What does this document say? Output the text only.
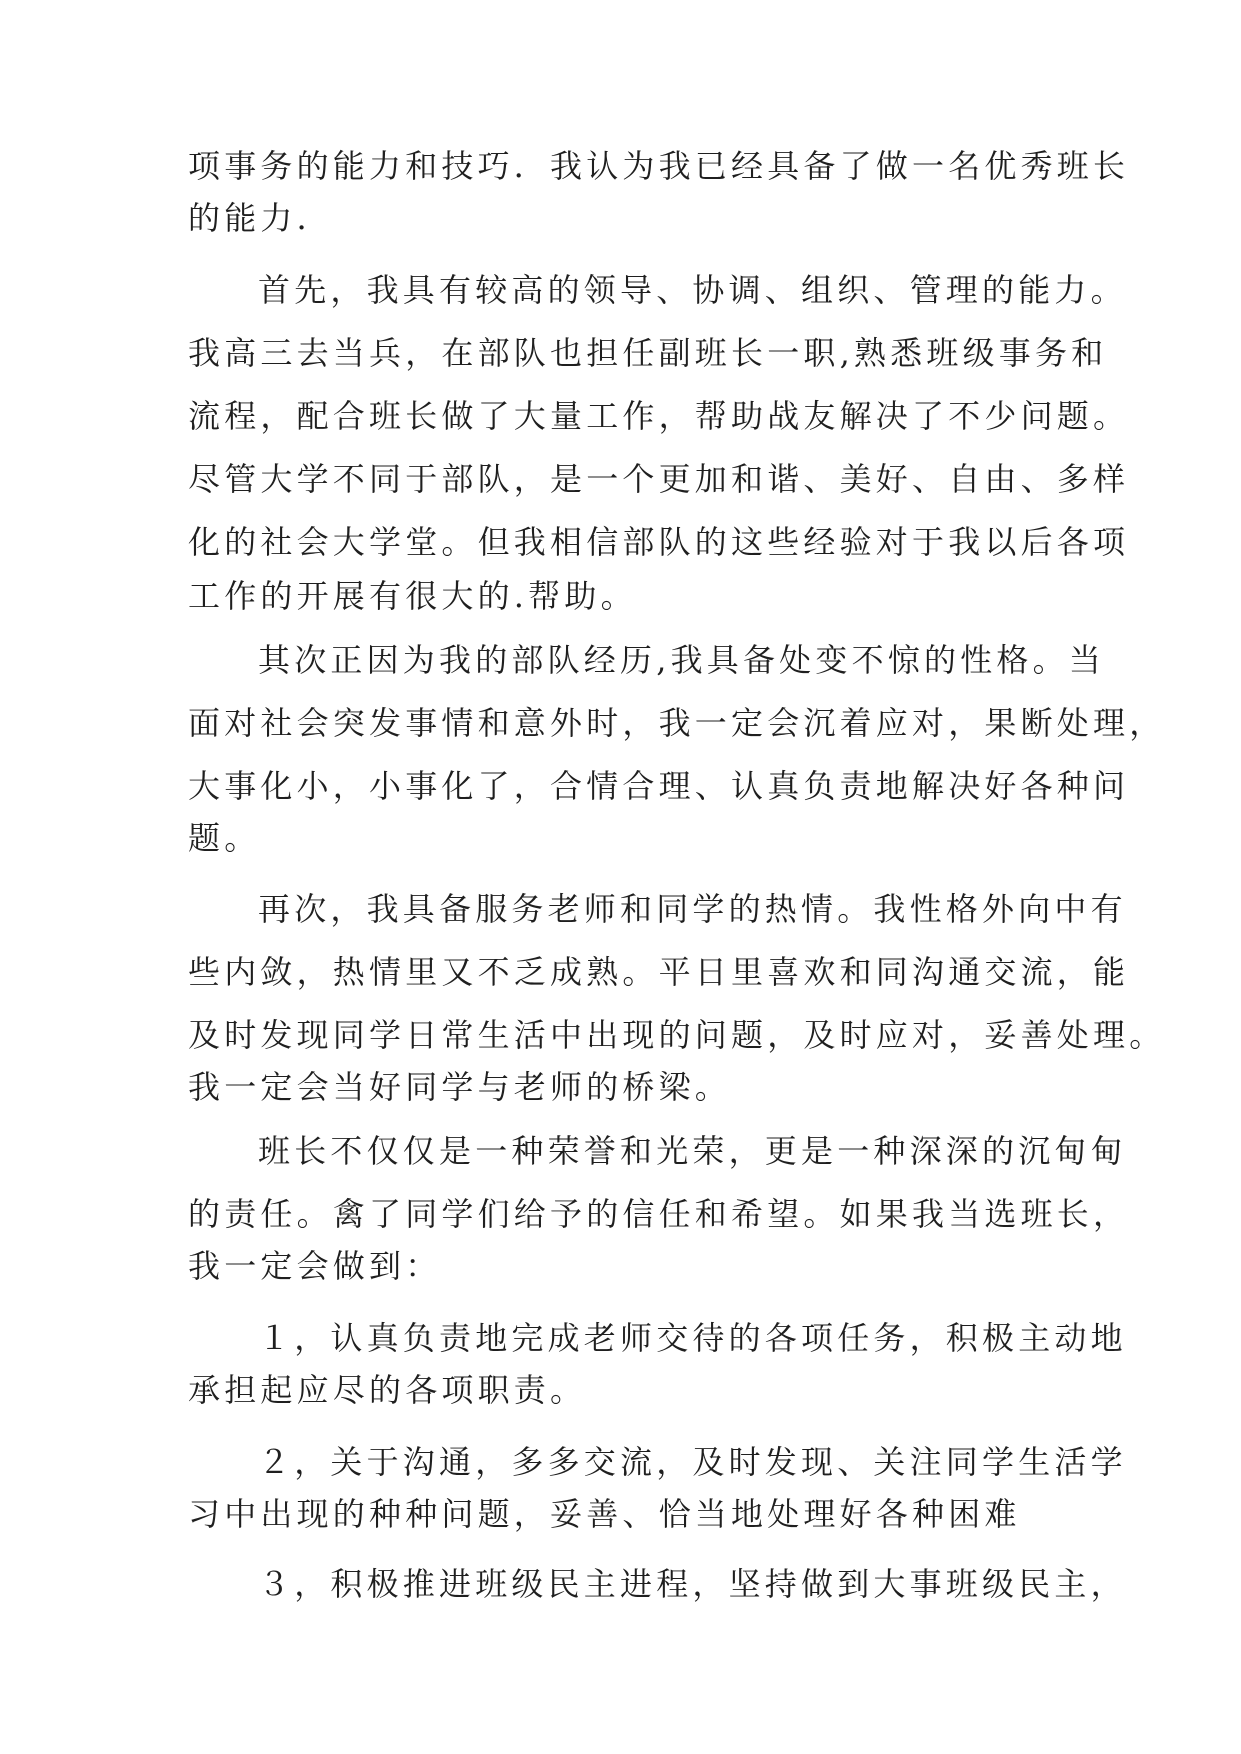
项事务的能力和技巧．我认为我已经具备了做一名优秀班长
的能力．
首先，我具有较高的领导、协调、组织、管理的能力。
我高三去当兵，在部队也担任副班长一职,熟悉班级事务和
流程，配合班长做了大量工作，帮助战友解决了不少问题。
尽管大学不同于部队，是一个更加和谐、美好、自由、多样
化的社会大学堂。但我相信部队的这些经验对于我以后各项
工作的开展有很大的.帮助。
其次正因为我的部队经历,我具备处变不惊的性格。当
面对社会突发事情和意外时，我一定会沉着应对，果断处理，
大事化小，小事化了，合情合理、认真负责地解决好各种问
题。
再次，我具备服务老师和同学的热情。我性格外向中有
些内敛，热情里又不乏成熟。平日里喜欢和同沟通交流，能
及时发现同学日常生活中出现的问题，及时应对，妥善处理。
我一定会当好同学与老师的桥梁。
班长不仅仅是一种荣誉和光荣，更是一种深深的沉甸甸
的责任。禽了同学们给予的信任和希望。如果我当选班长，
我一定会做到：
１，认真负责地完成老师交待的各项任务，积极主动地
承担起应尽的各项职责。
２，关于沟通，多多交流，及时发现、关注同学生活学
习中出现的种种问题，妥善、恰当地处理好各种困难
３，积极推进班级民主进程，坚持做到大事班级民主，
